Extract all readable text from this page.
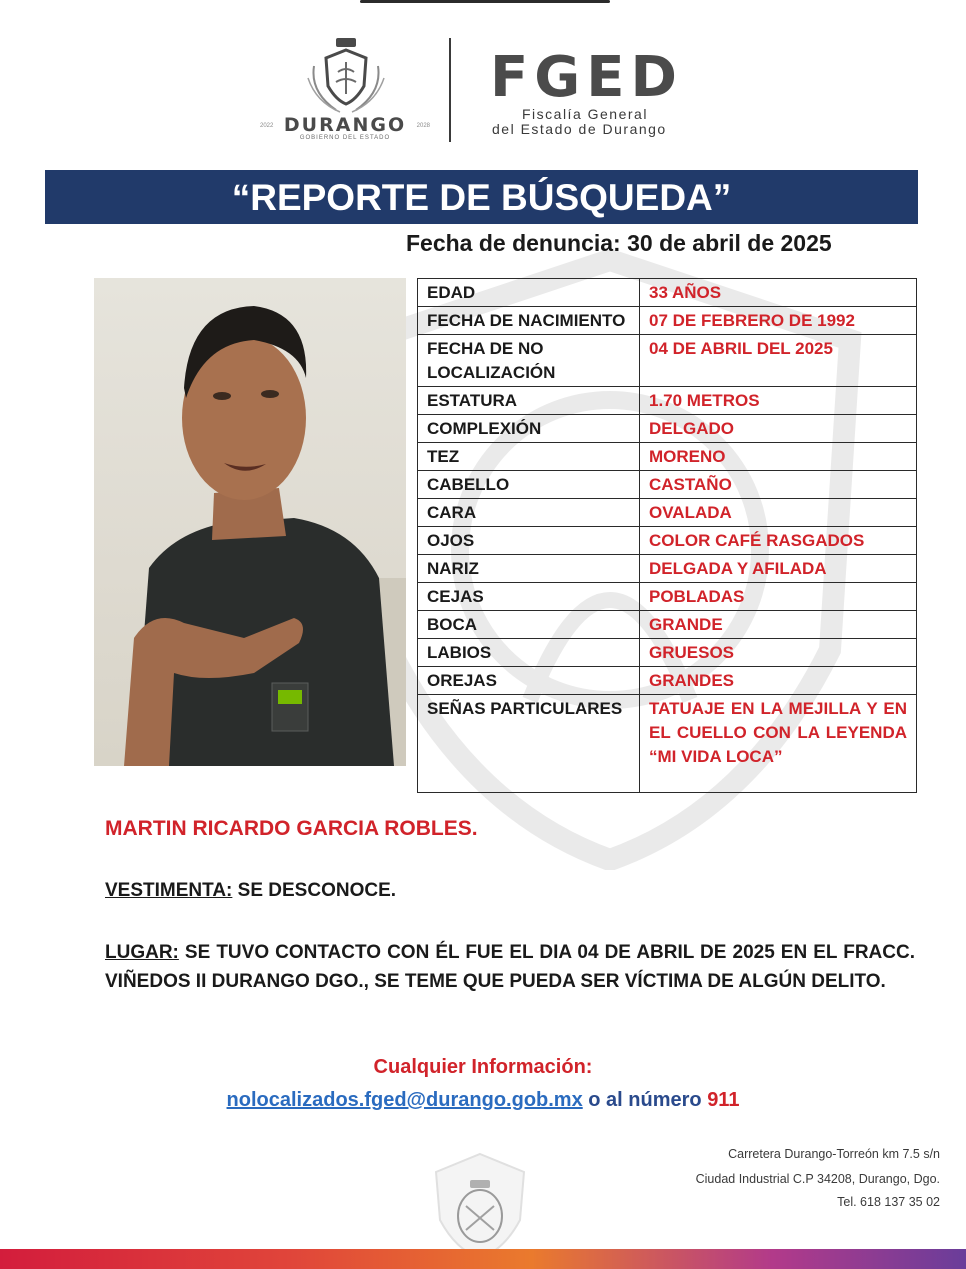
2022 DURANGO	2028
GOBIERNO DEL ESTADO
FGED
Fiscalía General
del Estado de Durango
“REPORTE DE BÚSQUEDA”
Fecha de denuncia: 30 de abril de 2025
EDAD	33 AÑOS
FECHA DE NACIMIENTO	07 DE FEBRERO DE 1992
FECHA DE NO LOCALIZACIÓN	04 DE ABRIL DEL 2025
ESTATURA	1.70 METROS
COMPLEXIÓN	DELGADO
TEZ	MORENO
CABELLO	CASTAÑO
CARA	OVALADA
OJOS	COLOR CAFÉ RASGADOS
NARIZ	DELGADA Y AFILADA
CEJAS	POBLADAS
BOCA	GRANDE
LABIOS	GRUESOS
OREJAS	GRANDES
SEÑAS PARTICULARES	TATUAJE EN LA MEJILLA Y EN EL CUELLO CON LA LEYENDA “MI VIDA LOCA”
MARTIN RICARDO GARCIA ROBLES.
VESTIMENTA: SE DESCONOCE.
LUGAR: SE TUVO CONTACTO CON ÉL FUE EL DIA 04 DE ABRIL DE 2025 EN EL FRACC. VIÑEDOS II DURANGO DGO., SE TEME QUE PUEDA SER VÍCTIMA DE ALGÚN DELITO.
Cualquier Información:
nolocalizados.fged@durango.gob.mx o al número 911
Carretera Durango-Torreón km 7.5 s/n
Ciudad Industrial C.P 34208, Durango, Dgo.
Tel. 618 137 35 02
